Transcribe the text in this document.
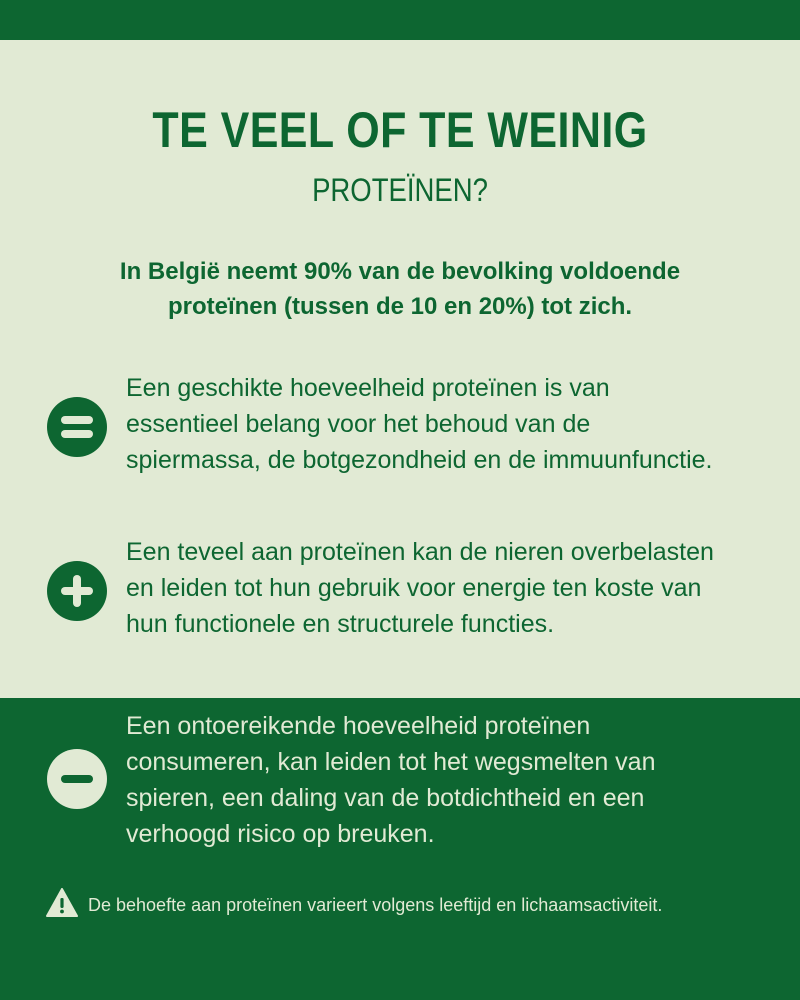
TE VEEL OF TE WEINIG
PROTEÏNEN?
In België neemt 90% van de bevolking voldoende
proteïnen (tussen de 10 en 20%) tot zich.
Een geschikte hoeveelheid proteïnen is van
essentieel belang voor het behoud van de
spiermassa, de botgezondheid en de immuunfunctie.
Een teveel aan proteïnen kan de nieren overbelasten
en leiden tot hun gebruik voor energie ten koste van
hun functionele en structurele functies.
Een ontoereikende hoeveelheid proteïnen
consumeren, kan leiden tot het wegsmelten van
spieren, een daling van de botdichtheid en een
verhoogd risico op breuken.
De behoefte aan proteïnen varieert volgens leeftijd en lichaamsactiviteit.
